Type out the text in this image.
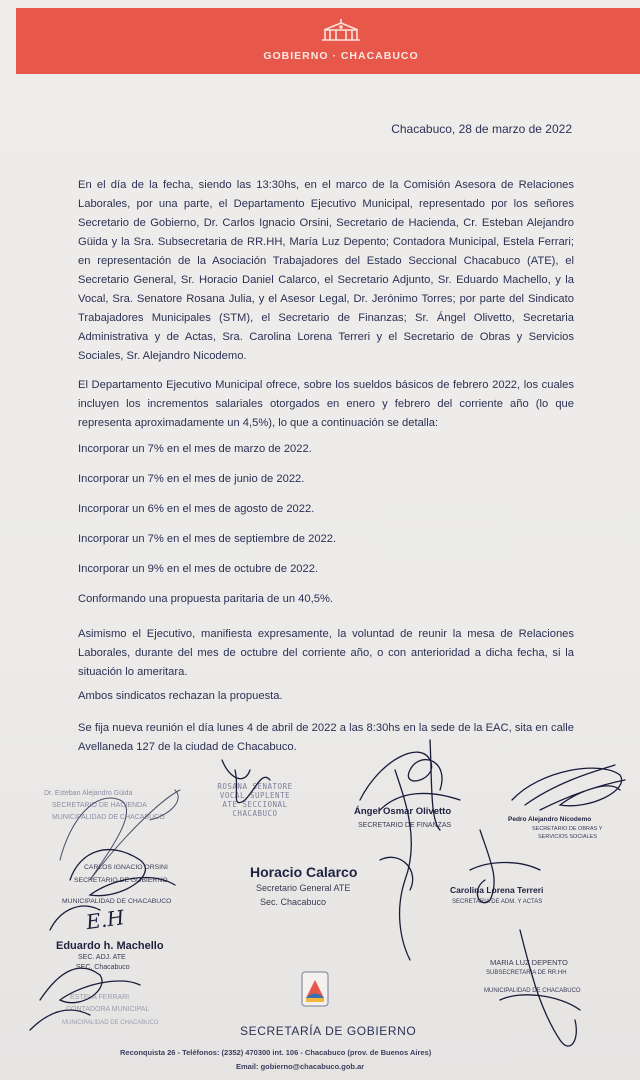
GOBIERNO · CHACABUCO
Chacabuco, 28 de marzo de 2022

En el día de la fecha, siendo las 13:30hs, en el marco de la Comisión Asesora de Relaciones Laborales, por una parte, el Departamento Ejecutivo Municipal, representado por los señores Secretario de Gobierno, Dr. Carlos Ignacio Orsini, Secretario de Hacienda, Cr. Esteban Alejandro Güida y la Sra. Subsecretaria de RR.HH, María Luz Depento; Contadora Municipal, Estela Ferrari; en representación de la Asociación Trabajadores del Estado Seccional Chacabuco (ATE), el Secretario General, Sr. Horacio Daniel Calarco, el Secretario Adjunto, Sr. Eduardo Machello, y la Vocal, Sra. Senatore Rosana Julia, y el Asesor Legal, Dr. Jerónimo Torres; por parte del Sindicato Trabajadores Municipales (STM), el Secretario de Finanzas; Sr. Ángel Olivetto, Secretaria Administrativa y de Actas, Sra. Carolina Lorena Terreri y el Secretario de Obras y Servicios Sociales, Sr. Alejandro Nicodemo.

El Departamento Ejecutivo Municipal ofrece, sobre los sueldos básicos de febrero 2022, los cuales incluyen los incrementos salariales otorgados en enero y febrero del corriente año (lo que representa aproximadamente un 4,5%), lo que a continuación se detalla:

Incorporar un 7% en el mes de marzo de 2022.
Incorporar un 7% en el mes de junio de 2022.
Incorporar un 6% en el mes de agosto de 2022.
Incorporar un 7% en el mes de septiembre de 2022.
Incorporar un 9% en el mes de octubre de 2022.
Conformando una propuesta paritaria de un 40,5%.

Asimismo el Ejecutivo, manifiesta expresamente, la voluntad de reunir la mesa de Relaciones Laborales, durante del mes de octubre del corriente año, o con anterioridad a dicha fecha, si la situación lo ameritara.

Ambos sindicatos rechazan la propuesta.

Se fija nueva reunión el día lunes 4 de abril de 2022 a las 8:30hs en la sede de la EAC, sita en calle Avellaneda 127 de la ciudad de Chacabuco.

Dr. Esteban Alejandro Güida
SECRETARIO DE HACIENDA
MUNICIPALIDAD DE CHACABUCO
ROSANA SENATORE
VOCAL SUPLENTE
ATE SECCIONAL
CHACABUCO	Ángel Osmar Olivetto
SECRETARIO DE FINANZAS
Pedro Alejandro Nicodemo
SECRETARIO DE OBRAS Y
SERVICIOS SOCIALES
CARLOS IGNACIO ORSINI
SECRETARIO DE GOBIERNO
MUNICIPALIDAD DE CHACABUCO
Horacio Calarco
Secretario General ATE
Sec. Chacabuco
Carolina Lorena Terreri
SECRETARIA DE ADM. Y ACTAS
Eduardo h. Machello
SEC. ADJ. ATE
SEC. Chacabuco
MARIA LUZ DEPENTO
SUBSECRETARIA DE RR.HH
MUNICIPALIDAD DE CHACABUCO
ESTELA FERRARI
CONTADORA MUNICIPAL
MUNICIPALIDAD DE CHACABUCO
E.H
SECRETARÍA DE GOBIERNO
Reconquista 26 - Teléfonos: (2352) 470300 int. 106 - Chacabuco (prov. de Buenos Aires)
Email: gobierno@chacabuco.gob.ar
